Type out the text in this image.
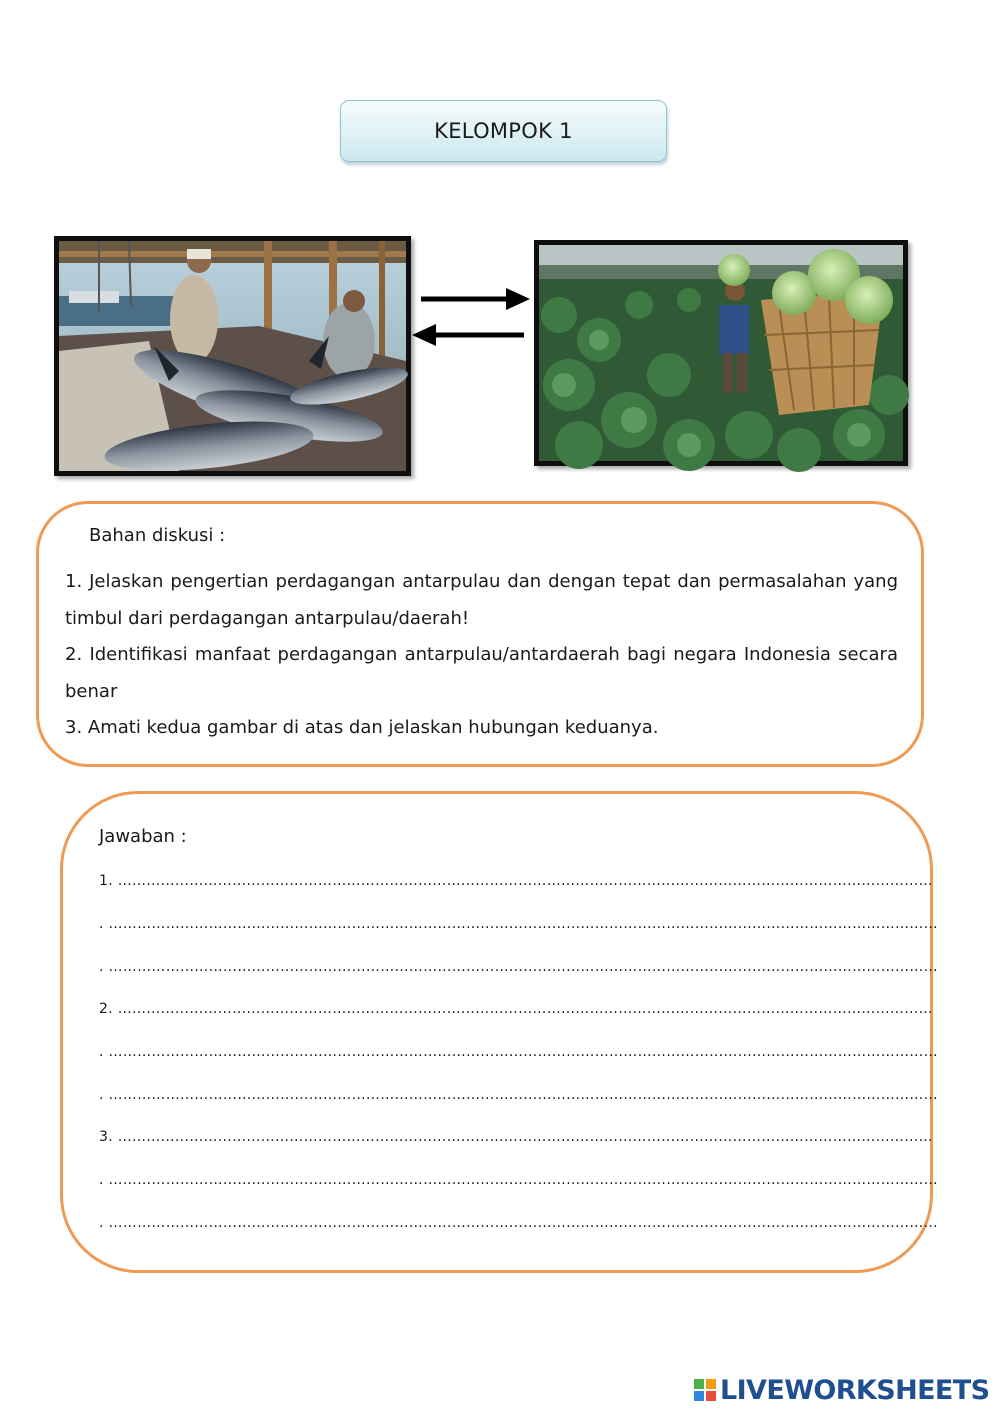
KELOMPOK 1
Bahan diskusi :
1. Jelaskan pengertian perdagangan antarpulau dan dengan tepat dan permasalahan yang timbul dari perdagangan antarpulau/daerah!
2. Identifikasi manfaat perdagangan antarpulau/antardaerah bagi negara Indonesia secara benar
3. Amati kedua gambar di atas dan jelaskan hubungan keduanya.
Jawaban :
1. ………………………………………………………………………………………………………………………………………………………
. …………………………………………………………………………………………………………………………………………………………
. …………………………………………………………………………………………………………………………………………………………
2. ………………………………………………………………………………………………………………………………………………………
. …………………………………………………………………………………………………………………………………………………………
. …………………………………………………………………………………………………………………………………………………………
3. ………………………………………………………………………………………………………………………………………………………
. …………………………………………………………………………………………………………………………………………………………
. …………………………………………………………………………………………………………………………………………………………
LIVEWORKSHEETS
